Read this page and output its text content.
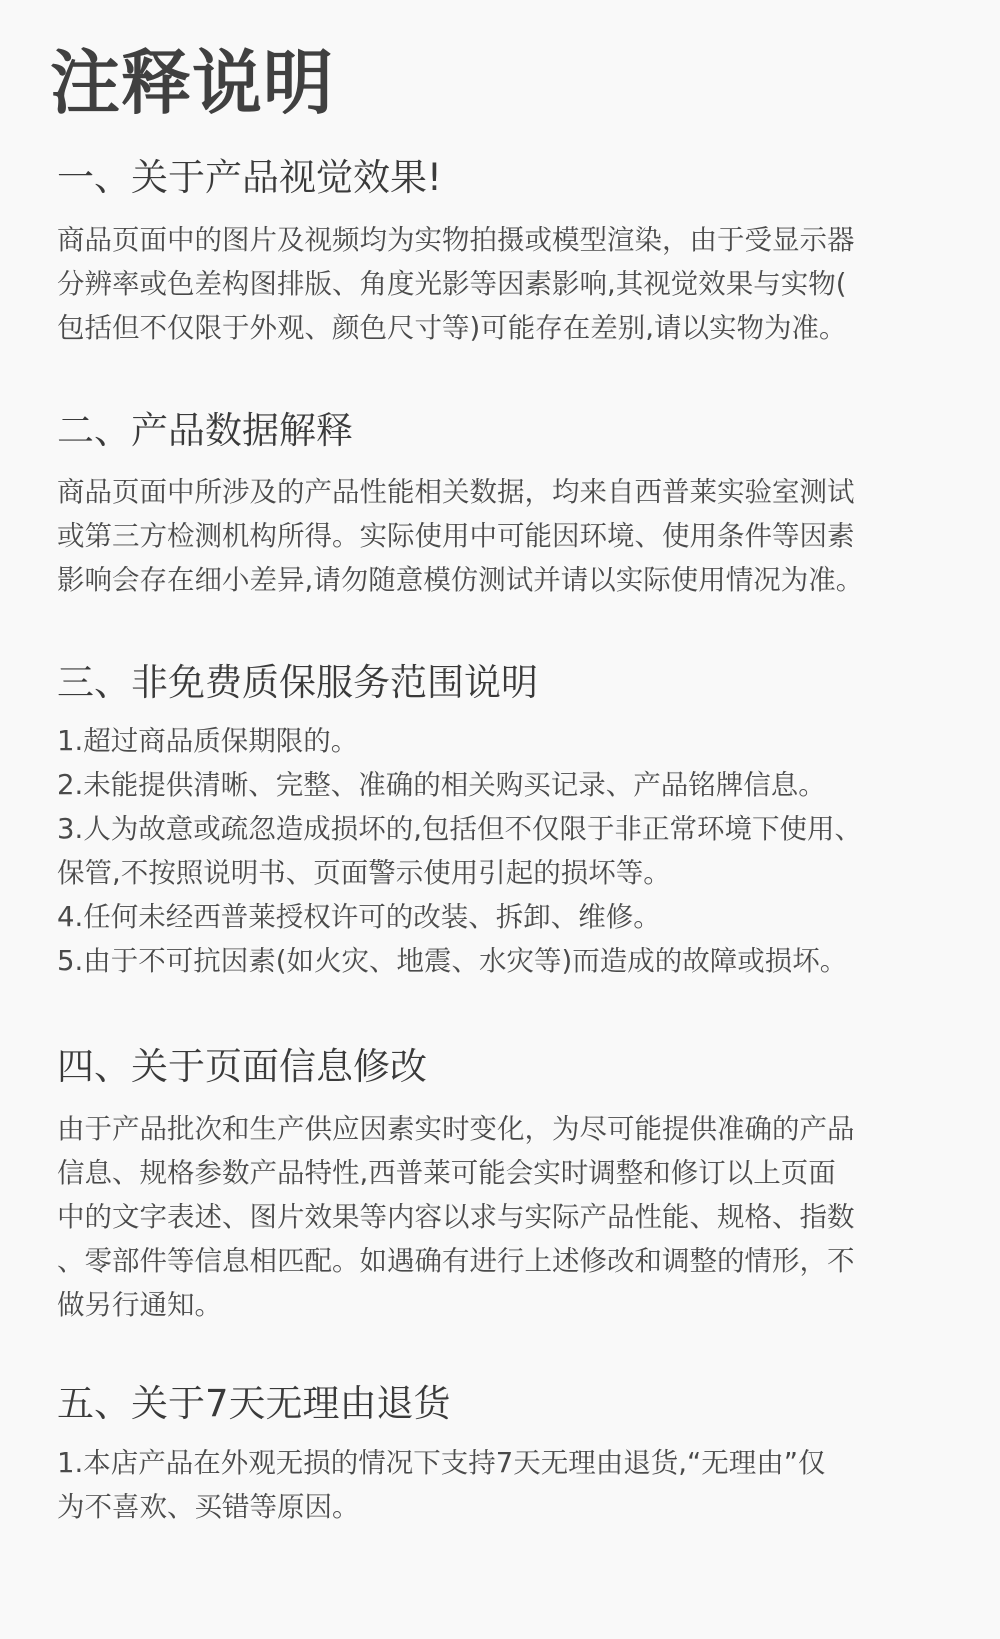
注释说明
一、关于产品视觉效果!

商品页面中的图片及视频均为实物拍摄或模型渲染，由于受显示器
分辨率或色差构图排版、角度光影等因素影响,其视觉效果与实物(
包括但不仅限于外观、颜色尺寸等)可能存在差别,请以实物为准。

二、产品数据解释

商品页面中所涉及的产品性能相关数据，均来自西普莱实验室测试
或第三方检测机构所得。实际使用中可能因环境、使用条件等因素
影响会存在细小差异,请勿随意模仿测试并请以实际使用情况为准。

三、非免费质保服务范围说明
1.超过商品质保期限的。
2.未能提供清晰、完整、准确的相关购买记录、产品铭牌信息。
3.人为故意或疏忽造成损坏的,包括但不仅限于非正常环境下使用、
保管,不按照说明书、页面警示使用引起的损坏等。
4.任何未经西普莱授权许可的改装、拆卸、维修。
5.由于不可抗因素(如火灾、地震、水灾等)而造成的故障或损坏。
四、关于页面信息修改

由于产品批次和生产供应因素实时变化，为尽可能提供准确的产品
信息、规格参数产品特性,西普莱可能会实时调整和修订以上页面
中的文字表述、图片效果等内容以求与实际产品性能、规格、指数
、零部件等信息相匹配。如遇确有进行上述修改和调整的情形，不
做另行通知。

五、关于7天无理由退货
1.本店产品在外观无损的情况下支持7天无理由退货,“无理由”仅
为不喜欢、买错等原因。
